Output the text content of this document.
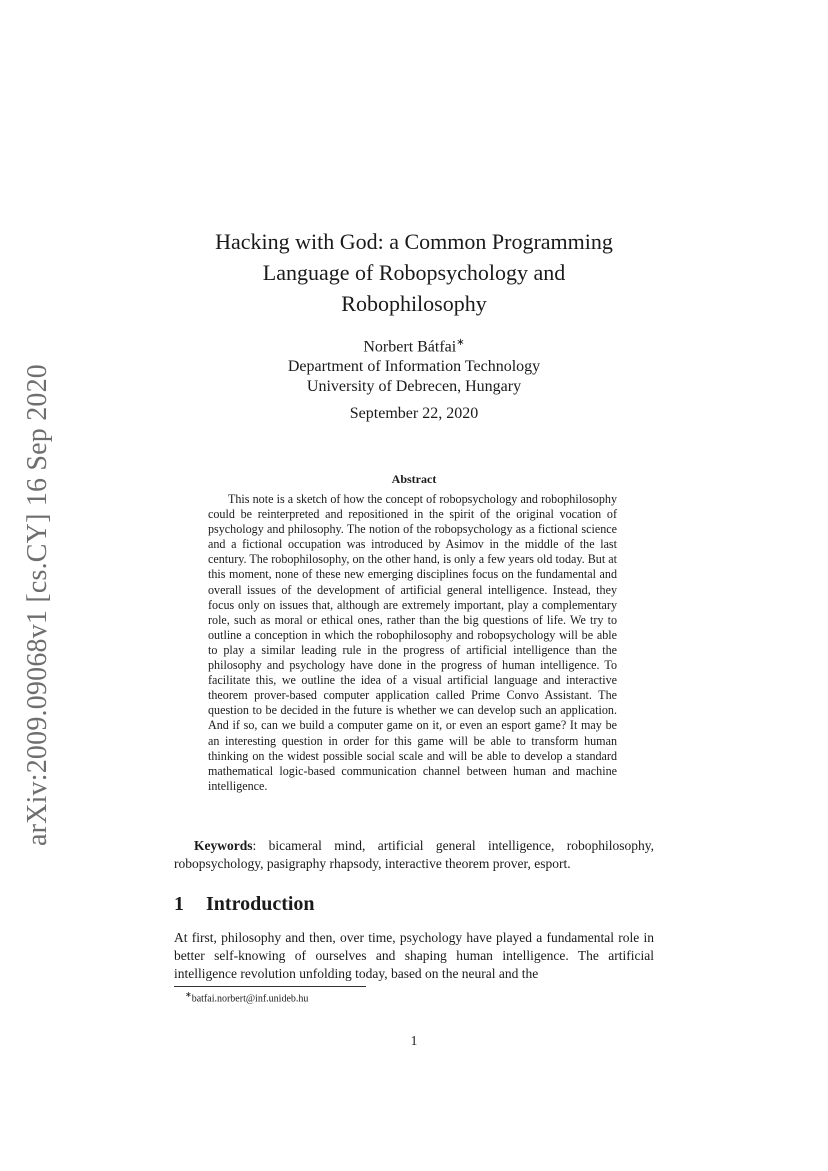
arXiv:2009.09068v1 [cs.CY] 16 Sep 2020
Hacking with God: a Common Programming
Language of Robopsychology and
Robophilosophy
Norbert Bátfai∗
Department of Information Technology
University of Debrecen, Hungary
September 22, 2020
Abstract

This note is a sketch of how the concept of robopsychology and robophilosophy could be reinterpreted and repositioned in the spirit of the original vocation of psychology and philosophy. The notion of the robopsychology as a fictional science and a fictional occupation was introduced by Asimov in the middle of the last century. The robophilosophy, on the other hand, is only a few years old today. But at this moment, none of these new emerging disciplines focus on the fundamental and overall issues of the development of artificial general intelligence. Instead, they focus only on issues that, although are extremely important, play a complementary role, such as moral or ethical ones, rather than the big questions of life. We try to outline a conception in which the robophilosophy and robopsychology will be able to play a similar leading rule in the progress of artificial intelligence than the philosophy and psychology have done in the progress of human intelligence. To facilitate this, we outline the idea of a visual artificial language and interactive theorem prover-based computer application called Prime Convo Assistant. The question to be decided in the future is whether we can develop such an application. And if so, can we build a computer game on it, or even an esport game? It may be an interesting question in order for this game will be able to transform human thinking on the widest possible social scale and will be able to develop a standard mathematical logic-based communication channel between human and machine intelligence.

Keywords: bicameral mind, artificial general intelligence, robophilosophy, robopsychology, pasigraphy rhapsody, interactive theorem prover, esport.

1 Introduction

At first, philosophy and then, over time, psychology have played a fundamental role in better self-knowing of ourselves and shaping human intelligence. The artificial intelligence revolution unfolding today, based on the neural and the

∗batfai.norbert@inf.unideb.hu
1
